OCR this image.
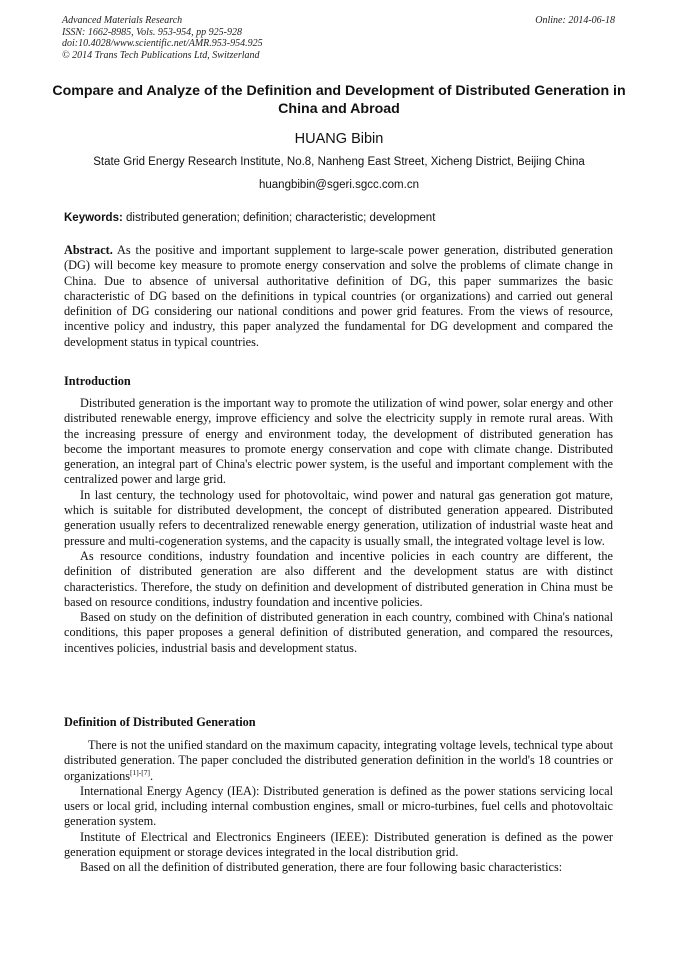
Advanced Materials Research
ISSN: 1662-8985, Vols. 953-954, pp 925-928
doi:10.4028/www.scientific.net/AMR.953-954.925
© 2014 Trans Tech Publications Ltd, Switzerland
Online: 2014-06-18
Compare and Analyze of the Definition and Development of Distributed Generation in China and Abroad
HUANG Bibin
State Grid Energy Research Institute, No.8, Nanheng East Street, Xicheng District, Beijing China
huangbibin@sgeri.sgcc.com.cn
Keywords: distributed generation; definition; characteristic; development
Abstract. As the positive and important supplement to large-scale power generation, distributed generation (DG) will become key measure to promote energy conservation and solve the problems of climate change in China. Due to absence of universal authoritative definition of DG, this paper summarizes the basic characteristic of DG based on the definitions in typical countries (or organizations) and carried out general definition of DG considering our national conditions and power grid features. From the views of resource, incentive policy and industry, this paper analyzed the fundamental for DG development and compared the development status in typical countries.
Introduction

Distributed generation is the important way to promote the utilization of wind power, solar energy and other distributed renewable energy, improve efficiency and solve the electricity supply in remote rural areas. With the increasing pressure of energy and environment today, the development of distributed generation has become the important measures to promote energy conservation and cope with climate change. Distributed generation, an integral part of China's electric power system, is the useful and important complement with the centralized power and large grid.

In last century, the technology used for photovoltaic, wind power and natural gas generation got mature, which is suitable for distributed development, the concept of distributed generation appeared. Distributed generation usually refers to decentralized renewable energy generation, utilization of industrial waste heat and pressure and multi-cogeneration systems, and the capacity is usually small, the integrated voltage level is low.

As resource conditions, industry foundation and incentive policies in each country are different, the definition of distributed generation are also different and the development status are with distinct characteristics. Therefore, the study on definition and development of distributed generation in China must be based on resource conditions, industry foundation and incentive policies.

Based on study on the definition of distributed generation in each country, combined with China's national conditions, this paper proposes a general definition of distributed generation, and compared the resources, incentives policies, industrial basis and development status.

Definition of Distributed Generation

There is not the unified standard on the maximum capacity, integrating voltage levels, technical type about distributed generation. The paper concluded the distributed generation definition in the world's 18 countries or organizations[1]-[7].

International Energy Agency (IEA): Distributed generation is defined as the power stations servicing local users or local grid, including internal combustion engines, small or micro-turbines, fuel cells and photovoltaic generation system.

Institute of Electrical and Electronics Engineers (IEEE): Distributed generation is defined as the power generation equipment or storage devices integrated in the local distribution grid.

Based on all the definition of distributed generation, there are four following basic characteristics:
